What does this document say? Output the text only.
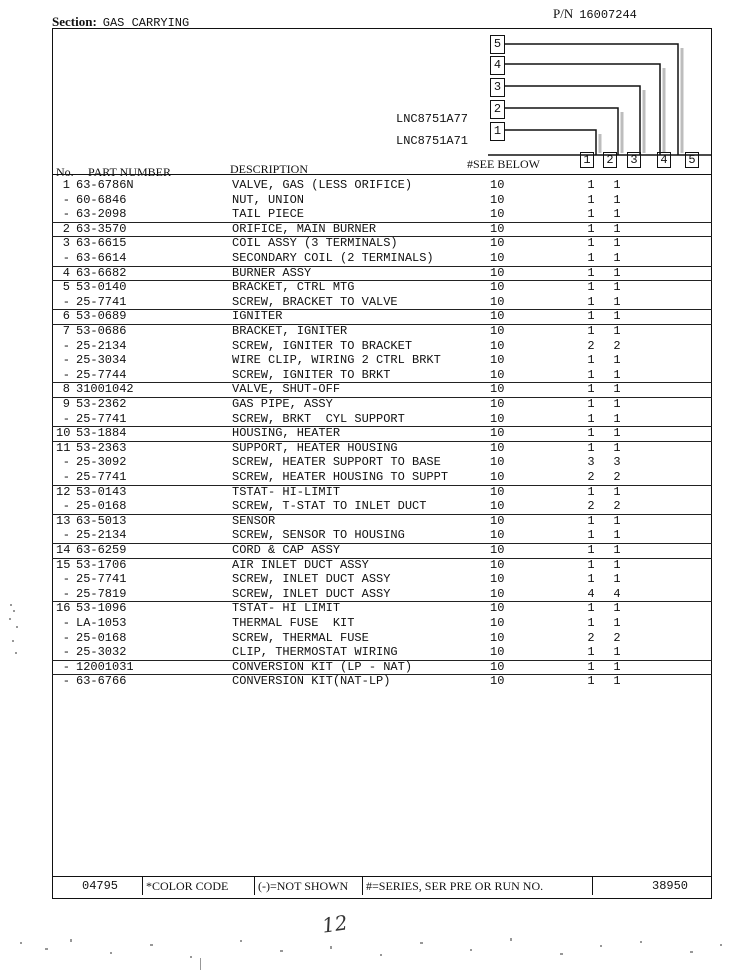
Section: GAS CARRYING
P/N 16007244
5
4
3
2
1
LNC8751A77
LNC8751A71
No. PART NUMBER	DESCRIPTION	#SEE BELOW	1 2 3 4 5
1 63-6786N	VALVE, GAS (LESS ORIFICE)	10	1 1
- 60-6846	NUT, UNION	10	1 1
- 63-2098	TAIL PIECE	10	1 1
2 63-3570	ORIFICE, MAIN BURNER	10	1 1
3 63-6615	COIL ASSY (3 TERMINALS)	10	1 1
- 63-6614	SECONDARY COIL (2 TERMINALS)	10	1 1
4 63-6682	BURNER ASSY	10	1 1
5 53-0140	BRACKET, CTRL MTG	10	1 1
- 25-7741	SCREW, BRACKET TO VALVE	10	1 1
6 53-0689	IGNITER	10	1 1
7 53-0686	BRACKET, IGNITER	10	1 1
- 25-2134	SCREW, IGNITER TO BRACKET	10	2 2
- 25-3034	WIRE CLIP, WIRING 2 CTRL BRKT	10	1 1
- 25-7744	SCREW, IGNITER TO BRKT	10	1 1
8 31001042	VALVE, SHUT-OFF	10	1 1
9 53-2362	GAS PIPE, ASSY	10	1 1
- 25-7741	SCREW, BRKT  CYL SUPPORT	10	1 1
10 53-1884	HOUSING, HEATER	10	1 1
11 53-2363	SUPPORT, HEATER HOUSING	10	1 1
- 25-3092	SCREW, HEATER SUPPORT TO BASE	10	3 3
- 25-7741	SCREW, HEATER HOUSING TO SUPPT	10	2 2
12 53-0143	TSTAT- HI-LIMIT	10	1 1
- 25-0168	SCREW, T-STAT TO INLET DUCT	10	2 2
13 63-5013	SENSOR	10	1 1
- 25-2134	SCREW, SENSOR TO HOUSING	10	1 1
14 63-6259	CORD & CAP ASSY	10	1 1
15 53-1706	AIR INLET DUCT ASSY	10	1 1
- 25-7741	SCREW, INLET DUCT ASSY	10	1 1
- 25-7819	SCREW, INLET DUCT ASSY	10	4 4
16 53-1096	TSTAT- HI LIMIT	10	1 1
- LA-1053	THERMAL FUSE  KIT	10	1 1
- 25-0168	SCREW, THERMAL FUSE	10	2 2
- 25-3032	CLIP, THERMOSTAT WIRING	10	1 1
- 12001031	CONVERSION KIT (LP - NAT)	10	1 1
- 63-6766	CONVERSION KIT(NAT-LP)	10	1 1
04795 *COLOR CODE (-)=NOT SHOWN #=SERIES, SER PRE OR RUN NO.	38950
12
